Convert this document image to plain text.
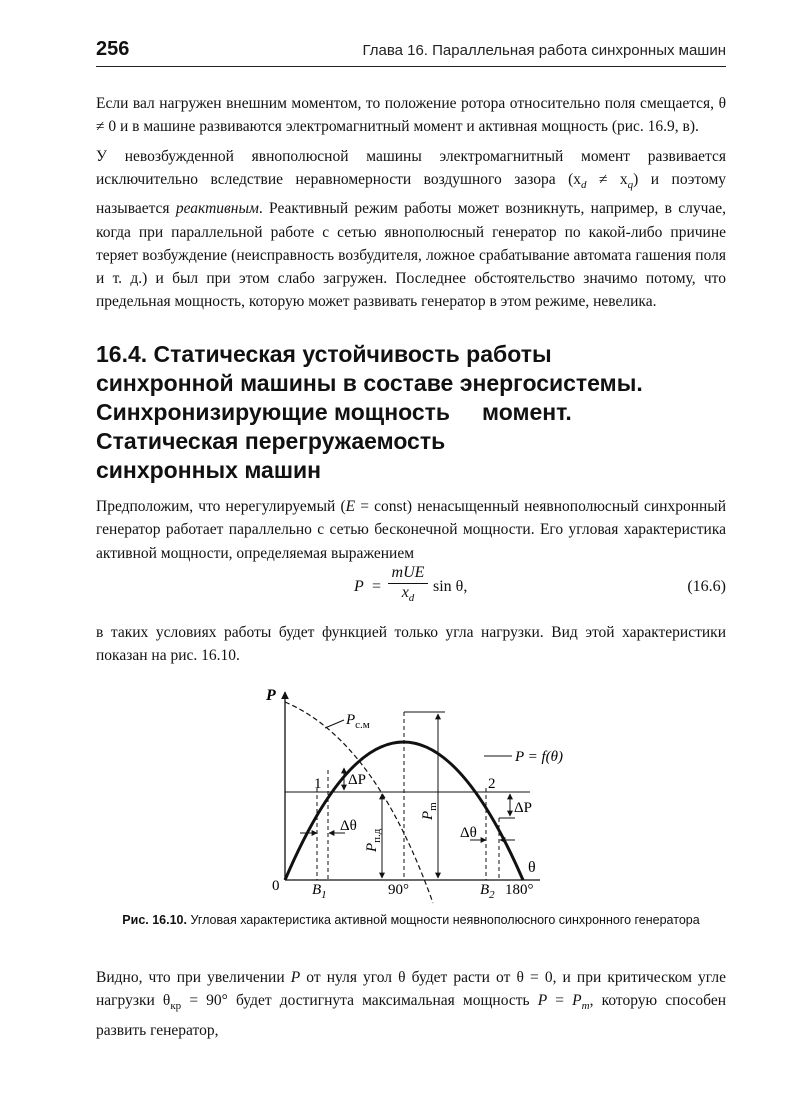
256	Глава 16. Параллельная работа синхронных машин

Если вал нагружен внешним моментом, то положение ротора относительно поля смещается, θ ≠ 0 и в машине развиваются электромагнитный момент и активная мощность (рис. 16.9, в).

У невозбужденной явнополюсной машины электромагнитный момент развивается исключительно вследствие неравномерности воздушного зазора $(x_d \ne x_q)$ и поэтому называется реактивным. Реактивный режим работы может возникнуть, например, в случае, когда при параллельной работе с сетью явнополюсный генератор по какой-либо причине теряет возбуждение (неисправность возбудителя, ложное срабатывание автомата гашения поля и т. д.) и был при этом слабо загружен. Последнее обстоятельство значимо потому, что предельная мощность, которую может развивать генератор в этом режиме, невелика.

16.4. Статическая устойчивость работы
синхронной машины в составе энергосистемы.
Синхронизирующие мощность     момент.
Статическая перегружаемость
синхронных машин

Предположим, что нерегулируемый (E = const) ненасыщенный неявнополюсный синхронный генератор работает параллельно с сетью бесконечной мощности. Его угловая характеристика активной мощности, определяемая выражением

P =
mUE
$x_d$
sin θ,	(16.6)

в таких условиях работы будет функцией только угла нагрузки. Вид этой характеристики показан на рис. 16.10.

P
0
θ
$B_1$	90°	$B_2$ 180°
$P_{с.м}$
P = f(θ)
1	2
ΔP
ΔP
Δθ	Δθ
$P_m$
$P_{п.д}$
Рис. 16.10. Угловая характеристика активной мощности неявнополюсного синхронного генератора

Видно, что при увеличении P от нуля угол θ будет расти от θ = 0, и при критическом угле нагрузки $\theta_{кр} = 90^\circ$ будет достигнута максимальная мощность $P = P_m$, которую способен развить генератор,
